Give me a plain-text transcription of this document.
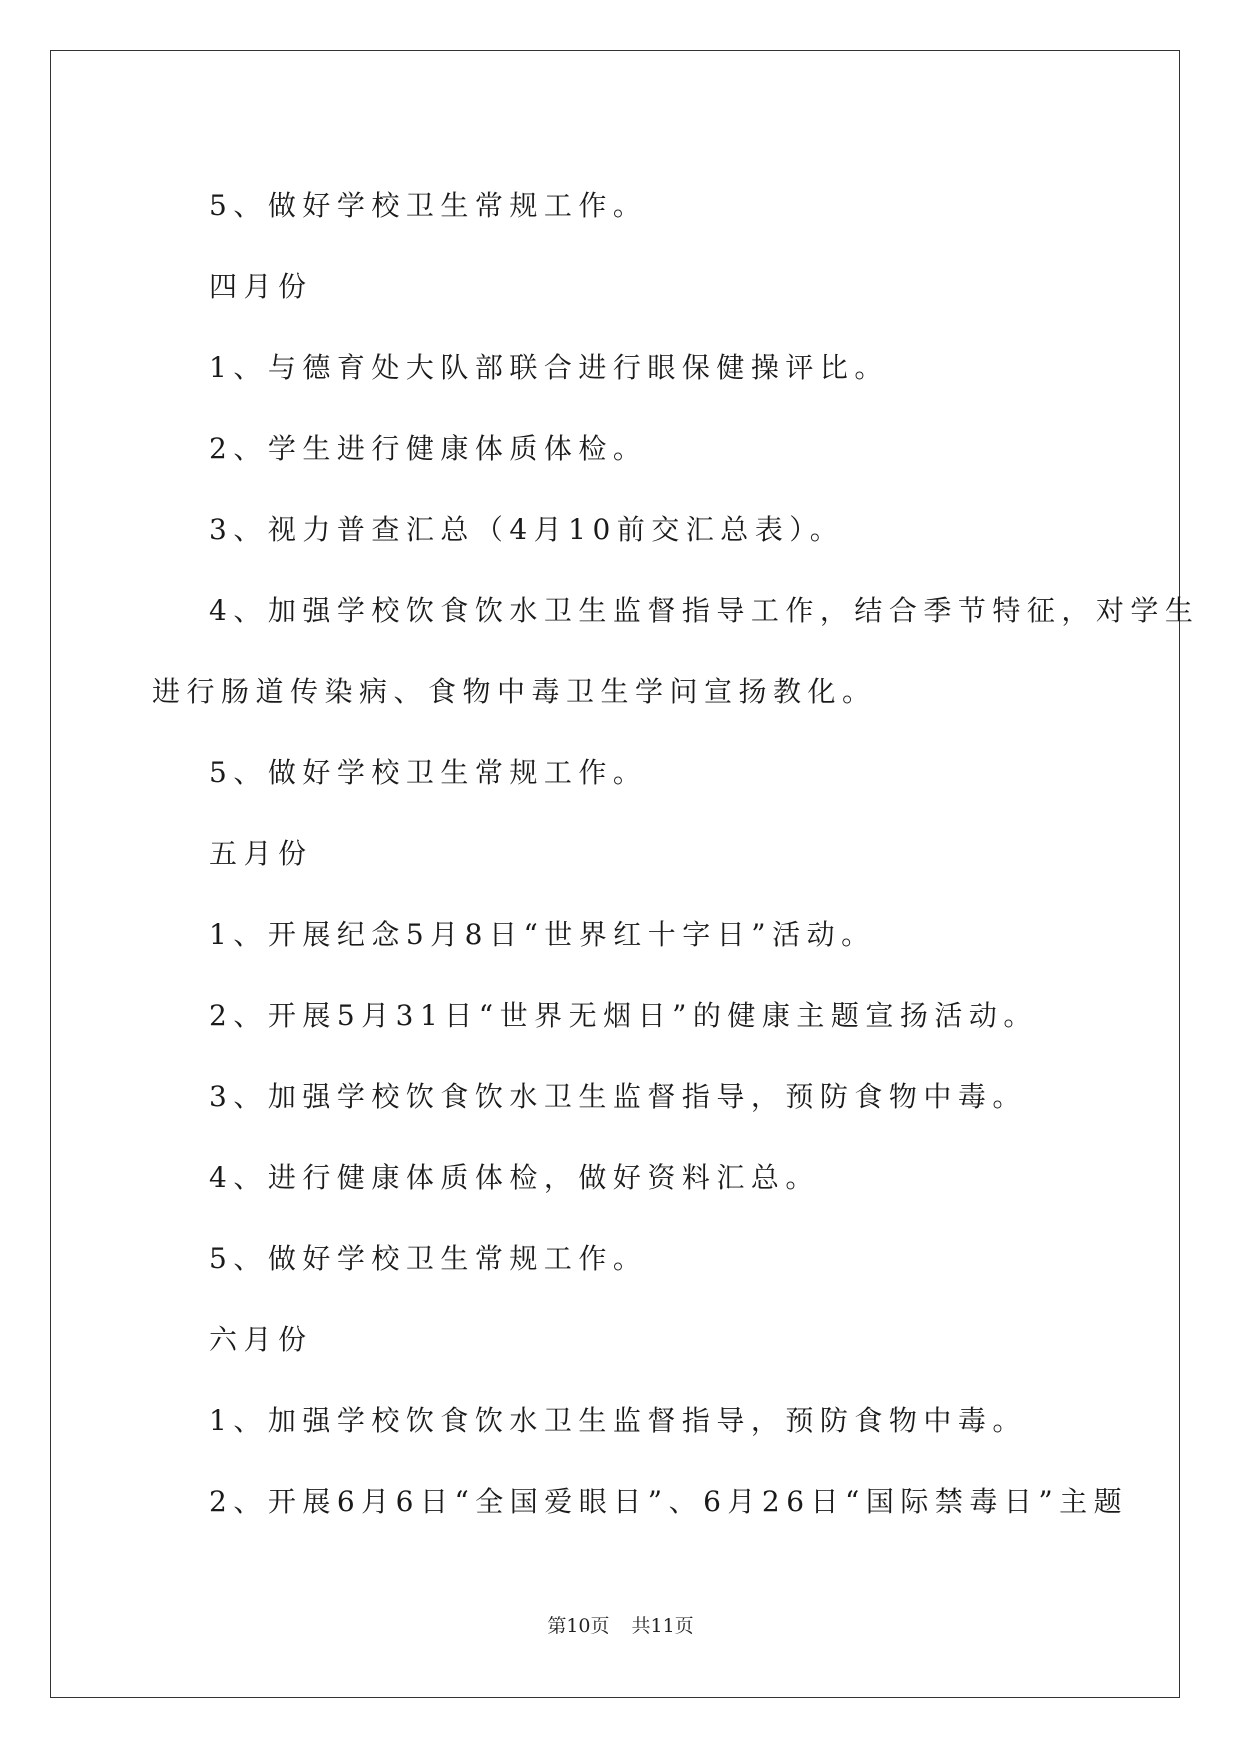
5、做好学校卫生常规工作。
四月份
1、与德育处大队部联合进行眼保健操评比。
2、学生进行健康体质体检。
3、视力普查汇总（4月10前交汇总表）。
4、加强学校饮食饮水卫生监督指导工作，结合季节特征，对学生
进行肠道传染病、食物中毒卫生学问宣扬教化。
5、做好学校卫生常规工作。
五月份
1、开展纪念5月8日“世界红十字日”活动。
2、开展5月31日“世界无烟日”的健康主题宣扬活动。
3、加强学校饮食饮水卫生监督指导，预防食物中毒。
4、进行健康体质体检，做好资料汇总。
5、做好学校卫生常规工作。
六月份
1、加强学校饮食饮水卫生监督指导，预防食物中毒。
2、开展6月6日“全国爱眼日”、6月26日“国际禁毒日”主题
第10页 共11页
